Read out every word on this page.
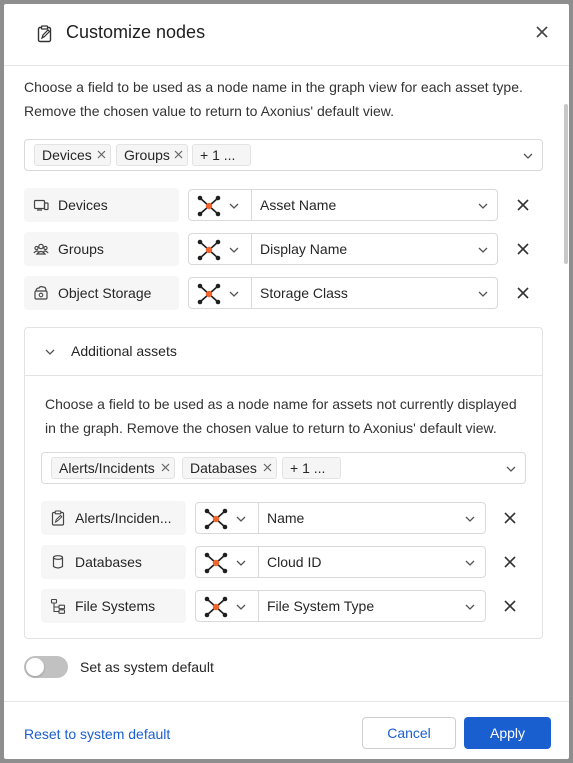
Customize nodes
Choose a field to be used as a node name in the graph view for each asset type. Remove the chosen value to return to Axonius' default view.
Devices	Groups	+ 1 ...
Devices	Asset Name
Groups	Display Name
Object Storage	Storage Class
Additional assets
Choose a field to be used as a node name for assets not currently displayed in the graph. Remove the chosen value to return to Axonius' default view.
Alerts/Incidents	Databases	+ 1 ...
Alerts/Inciden...	Name
Databases	Cloud ID
File Systems	File System Type
Set as system default
Reset to system default	Cancel	Apply
